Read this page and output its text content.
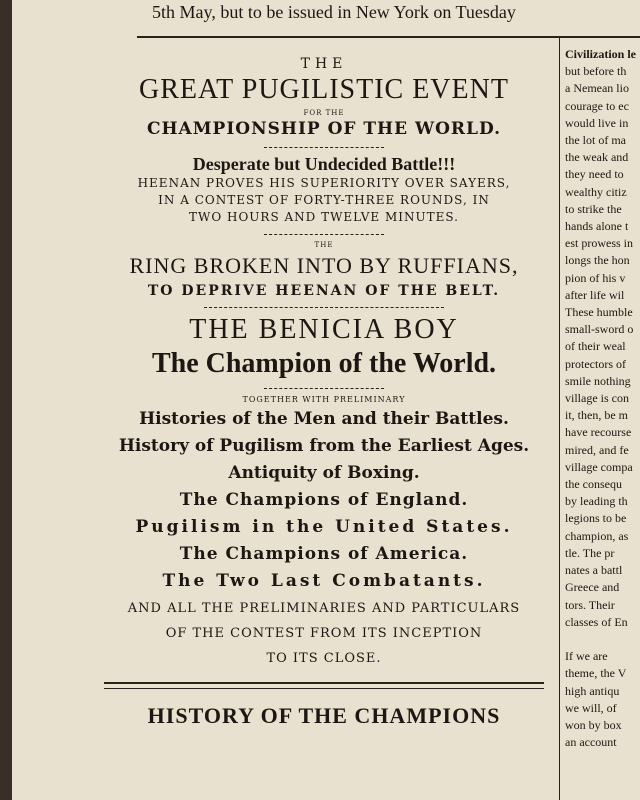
5th May, but to be issued in New York on Tuesday
THE
GREAT PUGILISTIC EVENT
FOR THE
CHAMPIONSHIP OF THE WORLD.
Desperate but Undecided Battle!!!
HEENAN PROVES HIS SUPERIORITY OVER SAYERS,
IN A CONTEST OF FORTY-THREE ROUNDS, IN
TWO HOURS AND TWELVE MINUTES.
THE
RING BROKEN INTO BY RUFFIANS,
TO DEPRIVE HEENAN OF THE BELT.
THE BENICIA BOY
The Champion of the World.
TOGETHER WITH PRELIMINARY
Histories of the Men and their Battles.
History of Pugilism from the Earliest Ages.
Antiquity of Boxing.
The Champions of England.
Pugilism in the United States.
The Champions of America.
The Two Last Combatants.
AND ALL THE PRELIMINARIES AND PARTICULARS
OF THE CONTEST FROM ITS INCEPTION
TO ITS CLOSE.
HISTORY OF THE CHAMPIONS
Civilization le
but before th
a Nemean lio
courage to ec
would live in
the lot of ma
the weak and
they need to
wealthy citiz
to strike the
hands alone t
est prowess in
longs the hon
pion of his v
after life wil
These humble
small-sword o
of their weal
protectors of
smile nothing
village is con
it, then, be m
have recourse
mired, and fe
village compa
the consequ
by leading th
legions to be
champion, as
tle. The pr
nates a battl
Greece and
tors. Their
classes of En

If we are
theme, the V
high antiqu
we will, of
won by box
an account
